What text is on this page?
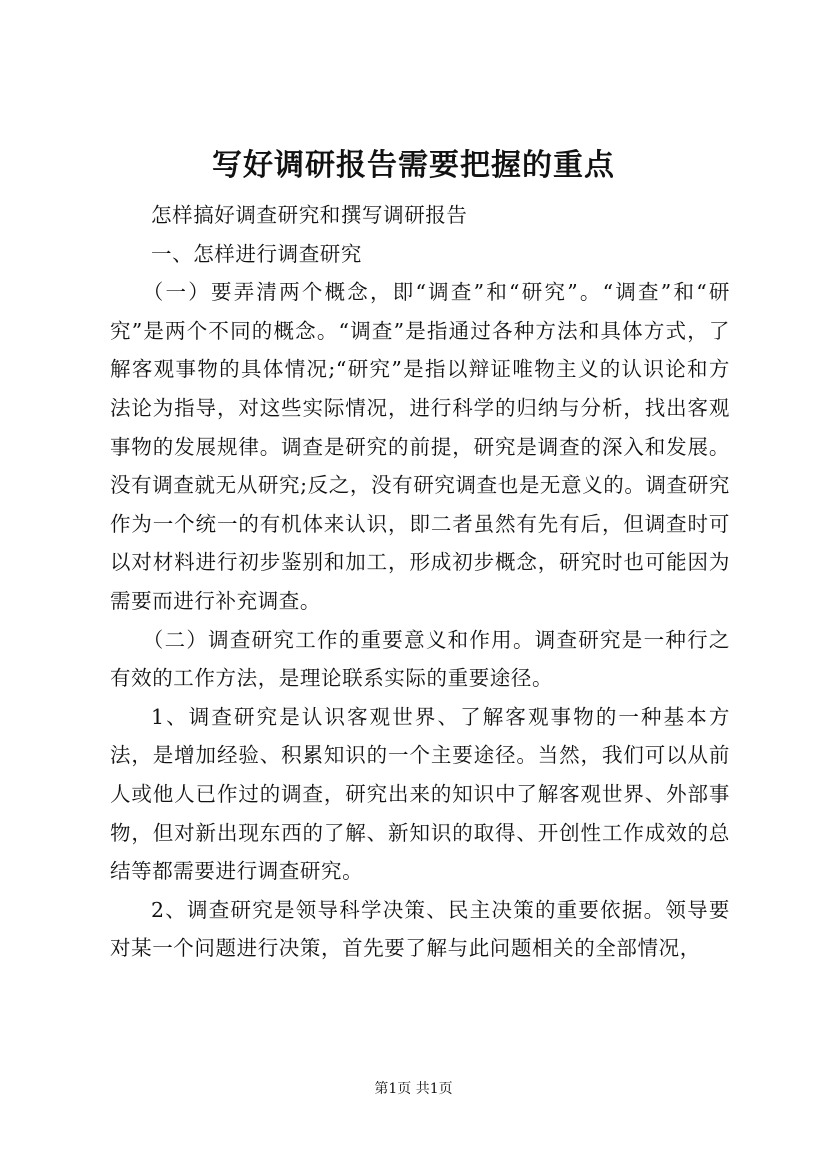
写好调研报告需要把握的重点

怎样搞好调查研究和撰写调研报告

一、怎样进行调查研究

（一）要弄清两个概念，即“调查”和“研究”。“调查”和“研究”是两个不同的概念。“调查”是指通过各种方法和具体方式，了解客观事物的具体情况;“研究”是指以辩证唯物主义的认识论和方法论为指导，对这些实际情况，进行科学的归纳与分析，找出客观事物的发展规律。调查是研究的前提，研究是调查的深入和发展。没有调查就无从研究;反之，没有研究调查也是无意义的。调查研究作为一个统一的有机体来认识，即二者虽然有先有后，但调查时可以对材料进行初步鉴别和加工，形成初步概念，研究时也可能因为需要而进行补充调查。

（二）调查研究工作的重要意义和作用。调查研究是一种行之有效的工作方法，是理论联系实际的重要途径。

1、调查研究是认识客观世界、了解客观事物的一种基本方法，是增加经验、积累知识的一个主要途径。当然，我们可以从前人或他人已作过的调查，研究出来的知识中了解客观世界、外部事物，但对新出现东西的了解、新知识的取得、开创性工作成效的总结等都需要进行调查研究。

2、调查研究是领导科学决策、民主决策的重要依据。领导要对某一个问题进行决策，首先要了解与此问题相关的全部情况，

第1页 共1页
